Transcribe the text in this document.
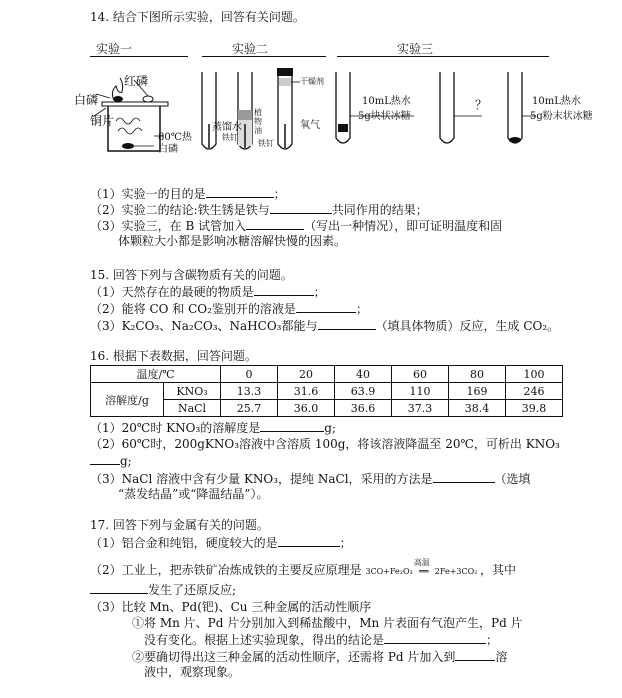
14. 结合下图所示实验，回答有关问题。
实验一	实验二	实验三
红磷
白磷
铜片
80℃热
白磷
蒸馏水
铁钉
植物油
铁钉
干燥剂
氧气
10mL热水
5g块状冰糖
？	10mL热水
5g粉末状冰糖
（1）实验一的目的是	；
（2）实验二的结论:铁生锈是铁与	共同作用的结果；
（3）实验三，在 B 试管加入	（写出一种情况），即可证明温度和固
体颗粒大小都是影响冰糖溶解快慢的因素。
15. 回答下列与含碳物质有关的问题。
（1）天然存在的最硬的物质是	；
（2）能将 CO 和 CO₂鉴别开的溶液是	；
（3）K₂CO₃、Na₂CO₃、NaHCO₃都能与	（填具体物质）反应，生成 CO₂。
16. 根据下表数据，回答问题。
温度/℃		0	20	40	60	80	100
溶解度/g	KNO₃	13.3	31.6	63.9	110	169	246
	NaCl	25.7	36.0	36.6	37.3	38.4	39.8
（1）20℃时 KNO₃的溶解度是	g;
（2）60℃时，200gKNO₃溶液中含溶质 100g，将该溶液降温至 20℃，可析出 KNO₃
g;
（3）NaCl 溶液中含有少量 KNO₃，提纯 NaCl，采用的方法是	（选填
“蒸发结晶”或“降温结晶”）。
17. 回答下列与金属有关的问题。
（1）铝合金和纯铝，硬度较大的是	；
（2）工业上，把赤铁矿冶炼成铁的主要反应原理是 3CO+Fe₂O₃
高温
══ 2Fe+3CO₂ ，其中
发生了还原反应;
（3）比较 Mn、Pd(钯)、Cu 三种金属的活动性顺序
①将 Mn 片、Pd 片分别加入到稀盐酸中，Mn 片表面有气泡产生，Pd 片
没有变化。根据上述实验现象，得出的结论是	；
②要确切得出这三种金属的活动性顺序，还需将 Pd 片加入到	溶
液中，观察现象。
